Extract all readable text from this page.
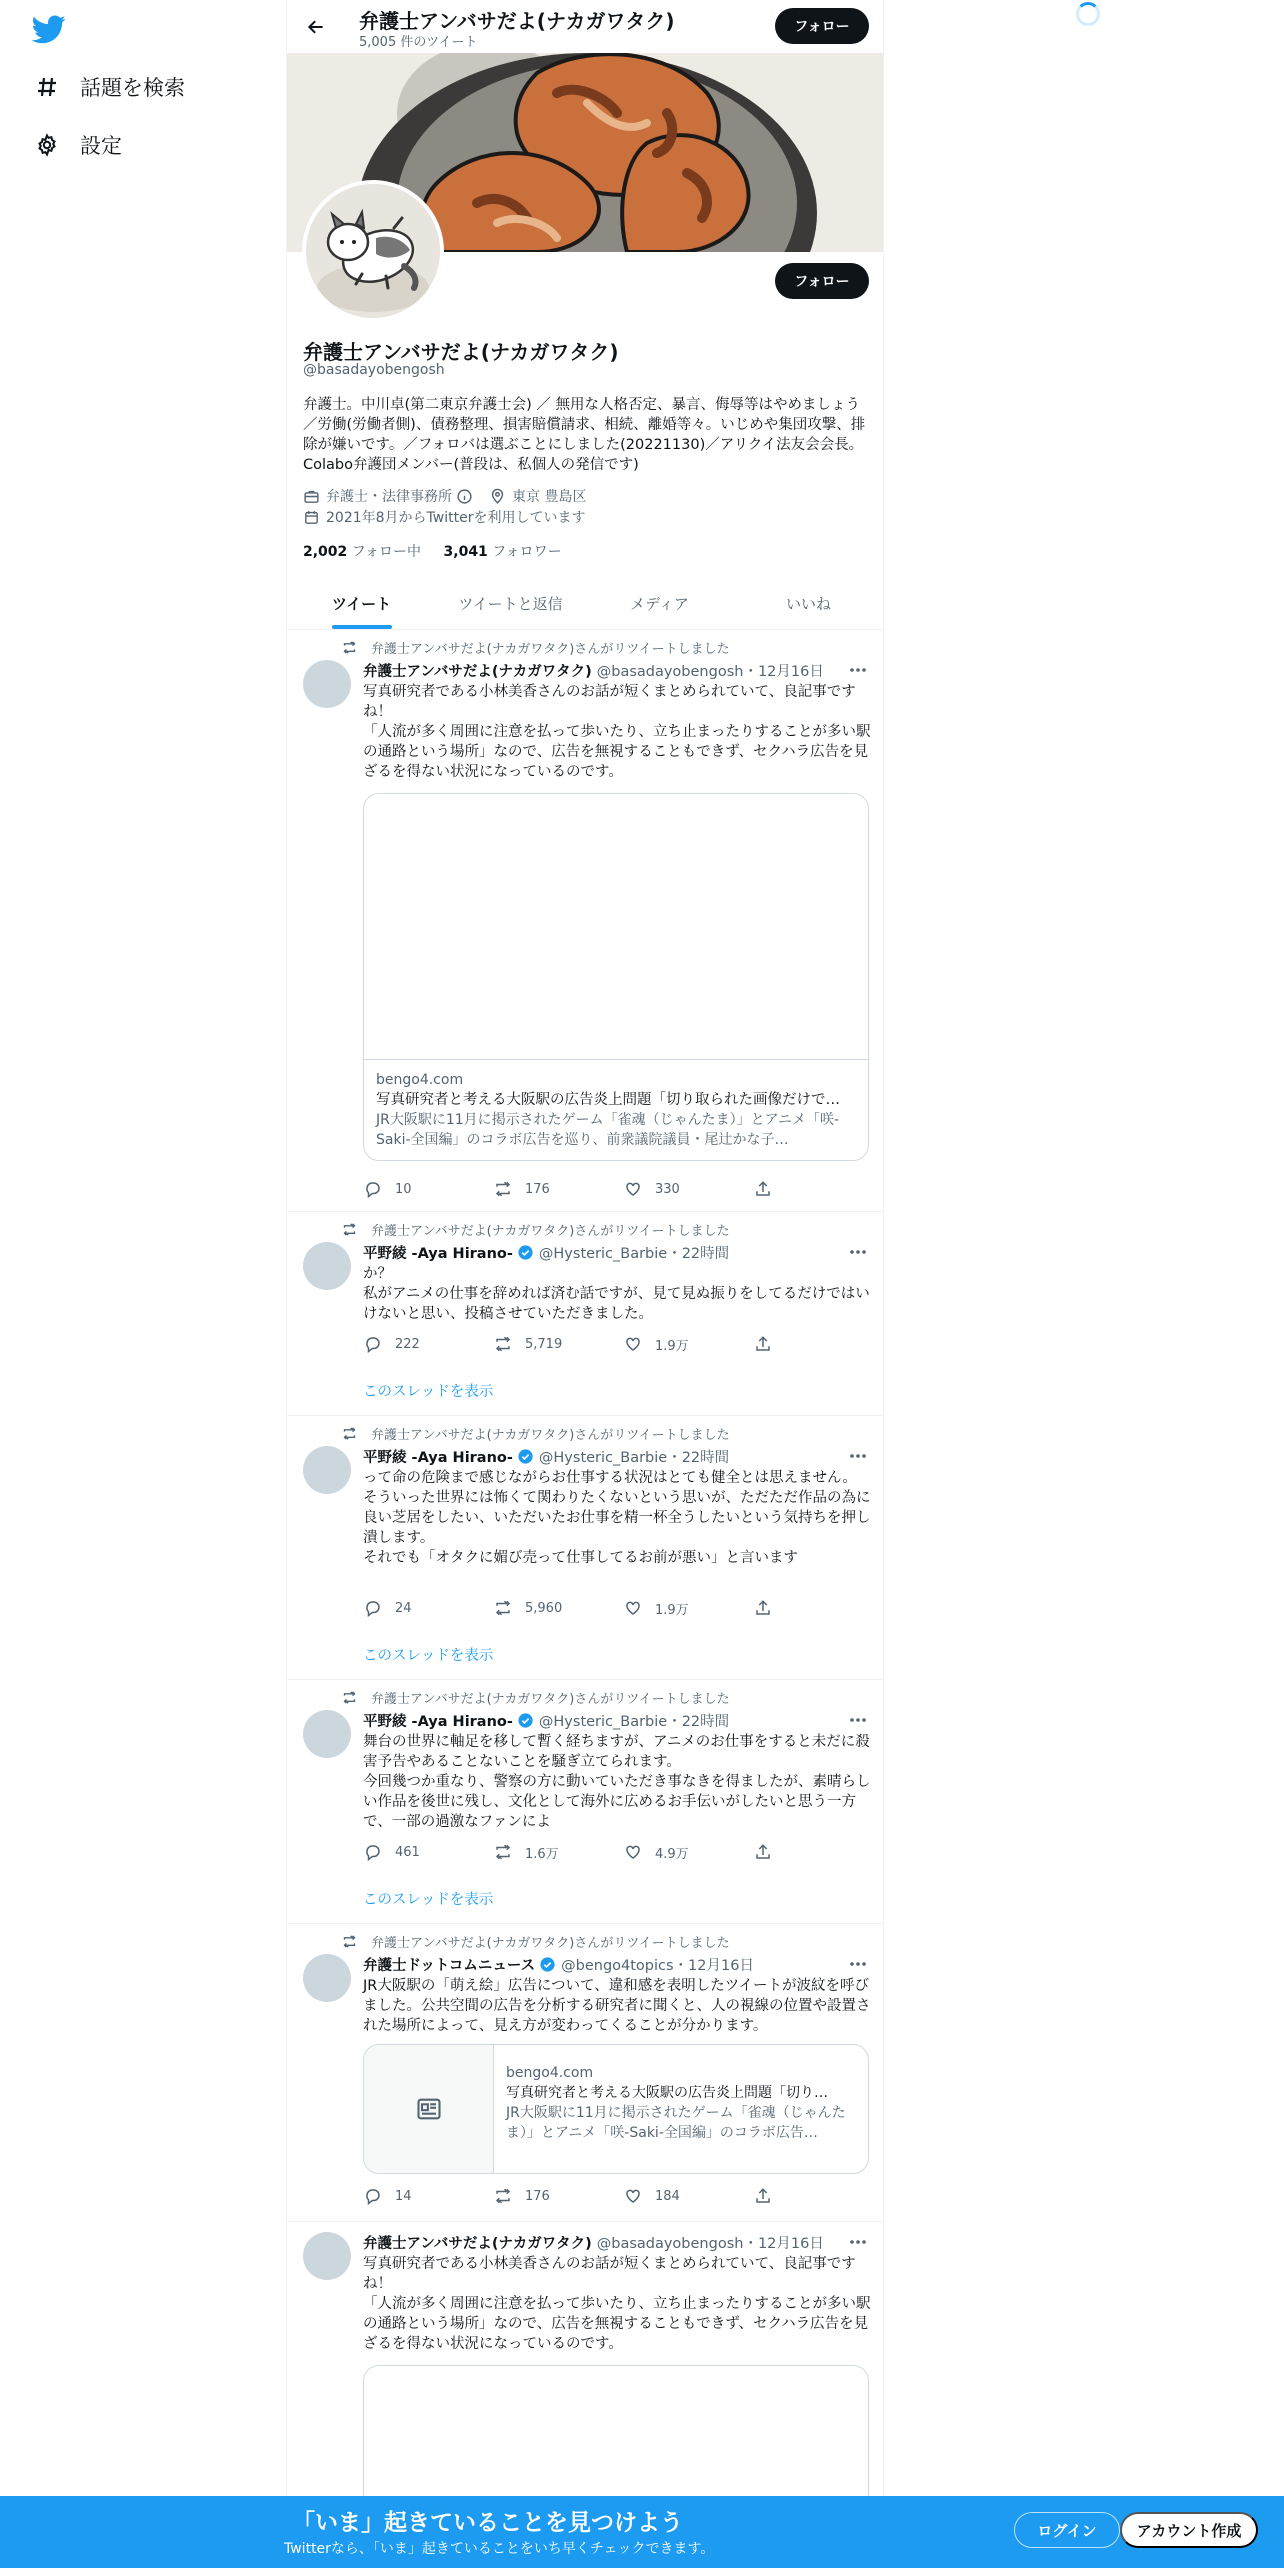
話題を検索
設定
弁護士アンバサだよ(ナカガワタク)
5,005 件のツイート
フォロー
フォロー
弁護士アンバサだよ(ナカガワタク)
@basadayobengosh
弁護士。中川卓(第二東京弁護士会) ／ 無用な人格否定、暴言、侮辱等はやめましょう／労働(労働者側)、債務整理、損害賠償請求、相続、離婚等々。いじめや集団攻撃、排除が嫌いです。／フォロバは選ぶことにしました(20221130)／アリクイ法友会会長。Colabo弁護団メンバー(普段は、私個人の発信です)
弁護士・法律事務所	東京 豊島区
2021年8月からTwitterを利用しています
2,002 フォロー中 3,041 フォロワー
ツイート	ツイートと返信	メディア	いいね
弁護士アンバサだよ(ナカガワタク)さんがリツイートしました
弁護士アンバサだよ(ナカガワタク) @basadayobengosh・12月16日
写真研究者である小林美香さんのお話が短くまとめられていて、良記事ですね！
「人流が多く周囲に注意を払って歩いたり、立ち止まったりすることが多い駅の通路という場所」なので、広告を無視することもできず、セクハラ広告を見ざるを得ない状況になっているのです。
bengo4.com
写真研究者と考える大阪駅の広告炎上問題「切り取られた画像だけで…
JR大阪駅に11月に掲示されたゲーム「雀魂（じゃんたま）」とアニメ「咲-Saki-全国編」のコラボ広告を巡り、前衆議院議員・尾辻かな子…
10	176	330
弁護士アンバサだよ(ナカガワタク)さんがリツイートしました
平野綾 -Aya Hirano- @Hysteric_Barbie・22時間
か？
私がアニメの仕事を辞めれば済む話ですが、見て見ぬ振りをしてるだけではいけないと思い、投稿させていただきました。
222	5,719	1.9万
このスレッドを表示
弁護士アンバサだよ(ナカガワタク)さんがリツイートしました
平野綾 -Aya Hirano- @Hysteric_Barbie・22時間
って命の危険まで感じながらお仕事する状況はとても健全とは思えません。
そういった世界には怖くて関わりたくないという思いが、ただただ作品の為に良い芝居をしたい、いただいたお仕事を精一杯全うしたいという気持ちを押し潰します。
それでも「オタクに媚び売って仕事してるお前が悪い」と言います
24	5,960	1.9万
このスレッドを表示
弁護士アンバサだよ(ナカガワタク)さんがリツイートしました
平野綾 -Aya Hirano- @Hysteric_Barbie・22時間
舞台の世界に軸足を移して暫く経ちますが、アニメのお仕事をすると未だに殺害予告やあることないことを騒ぎ立てられます。
今回幾つか重なり、警察の方に動いていただき事なきを得ましたが、素晴らしい作品を後世に残し、文化として海外に広めるお手伝いがしたいと思う一方で、一部の過激なファンによ
461	1.6万	4.9万
このスレッドを表示
弁護士アンバサだよ(ナカガワタク)さんがリツイートしました
弁護士ドットコムニュース @bengo4topics・12月16日
JR大阪駅の「萌え絵」広告について、違和感を表明したツイートが波紋を呼びました。公共空間の広告を分析する研究者に聞くと、人の視線の位置や設置された場所によって、見え方が変わってくることが分かります。
bengo4.com
写真研究者と考える大阪駅の広告炎上問題「切り…
JR大阪駅に11月に掲示されたゲーム「雀魂（じゃんたま）」とアニメ「咲-Saki-全国編」のコラボ広告…
14	176	184
弁護士アンバサだよ(ナカガワタク) @basadayobengosh・12月16日
写真研究者である小林美香さんのお話が短くまとめられていて、良記事ですね！
「人流が多く周囲に注意を払って歩いたり、立ち止まったりすることが多い駅の通路という場所」なので、広告を無視することもできず、セクハラ広告を見ざるを得ない状況になっているのです。
「いま」起きていることを見つけよう
Twitterなら、「いま」起きていることをいち早くチェックできます。
ログイン	アカウント作成
